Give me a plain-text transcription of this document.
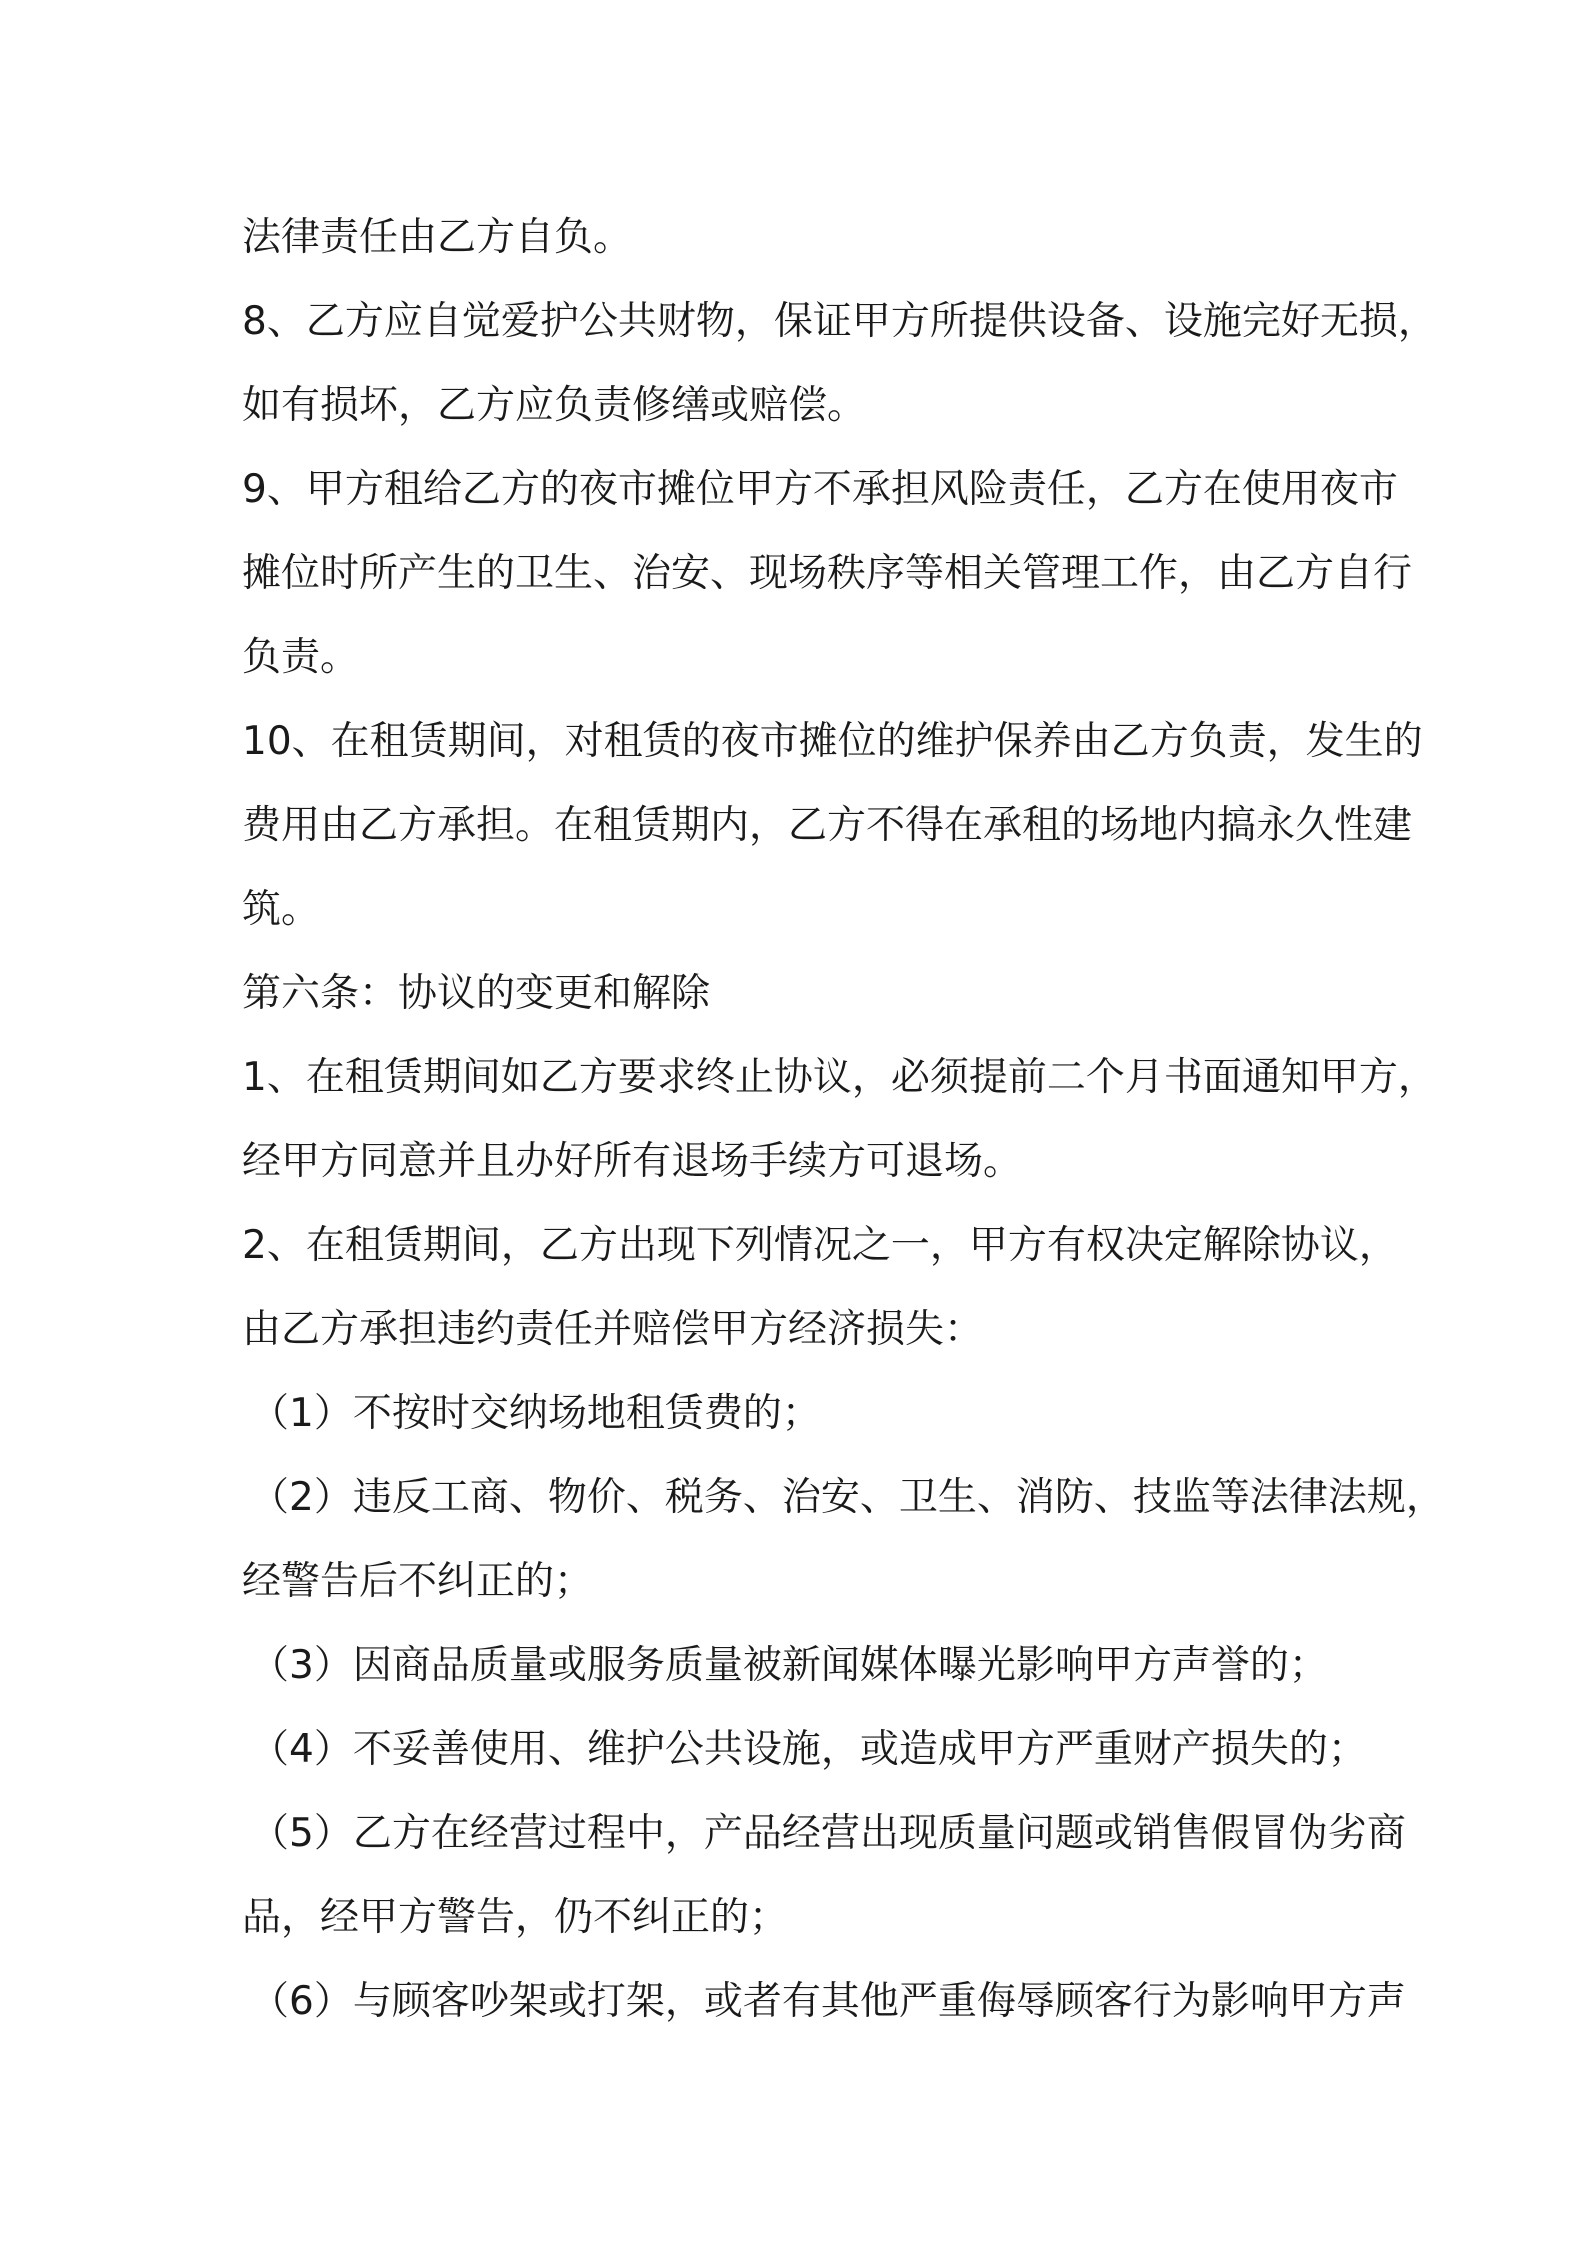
法律责任由乙方自负。
8、乙方应自觉爱护公共财物，保证甲方所提供设备、设施完好无损，
如有损坏，乙方应负责修缮或赔偿。
9、甲方租给乙方的夜市摊位甲方不承担风险责任，乙方在使用夜市
摊位时所产生的卫生、治安、现场秩序等相关管理工作，由乙方自行
负责。
10、在租赁期间，对租赁的夜市摊位的维护保养由乙方负责，发生的
费用由乙方承担。在租赁期内，乙方不得在承租的场地内搞永久性建
筑。
第六条：协议的变更和解除
1、在租赁期间如乙方要求终止协议，必须提前二个月书面通知甲方，
经甲方同意并且办好所有退场手续方可退场。
2、在租赁期间，乙方出现下列情况之一，甲方有权决定解除协议，
由乙方承担违约责任并赔偿甲方经济损失：
（1）不按时交纳场地租赁费的；
（2）违反工商、物价、税务、治安、卫生、消防、技监等法律法规，
经警告后不纠正的；
（3）因商品质量或服务质量被新闻媒体曝光影响甲方声誉的；
（4）不妥善使用、维护公共设施，或造成甲方严重财产损失的；
（5）乙方在经营过程中，产品经营出现质量问题或销售假冒伪劣商
品，经甲方警告，仍不纠正的；
（6）与顾客吵架或打架，或者有其他严重侮辱顾客行为影响甲方声
